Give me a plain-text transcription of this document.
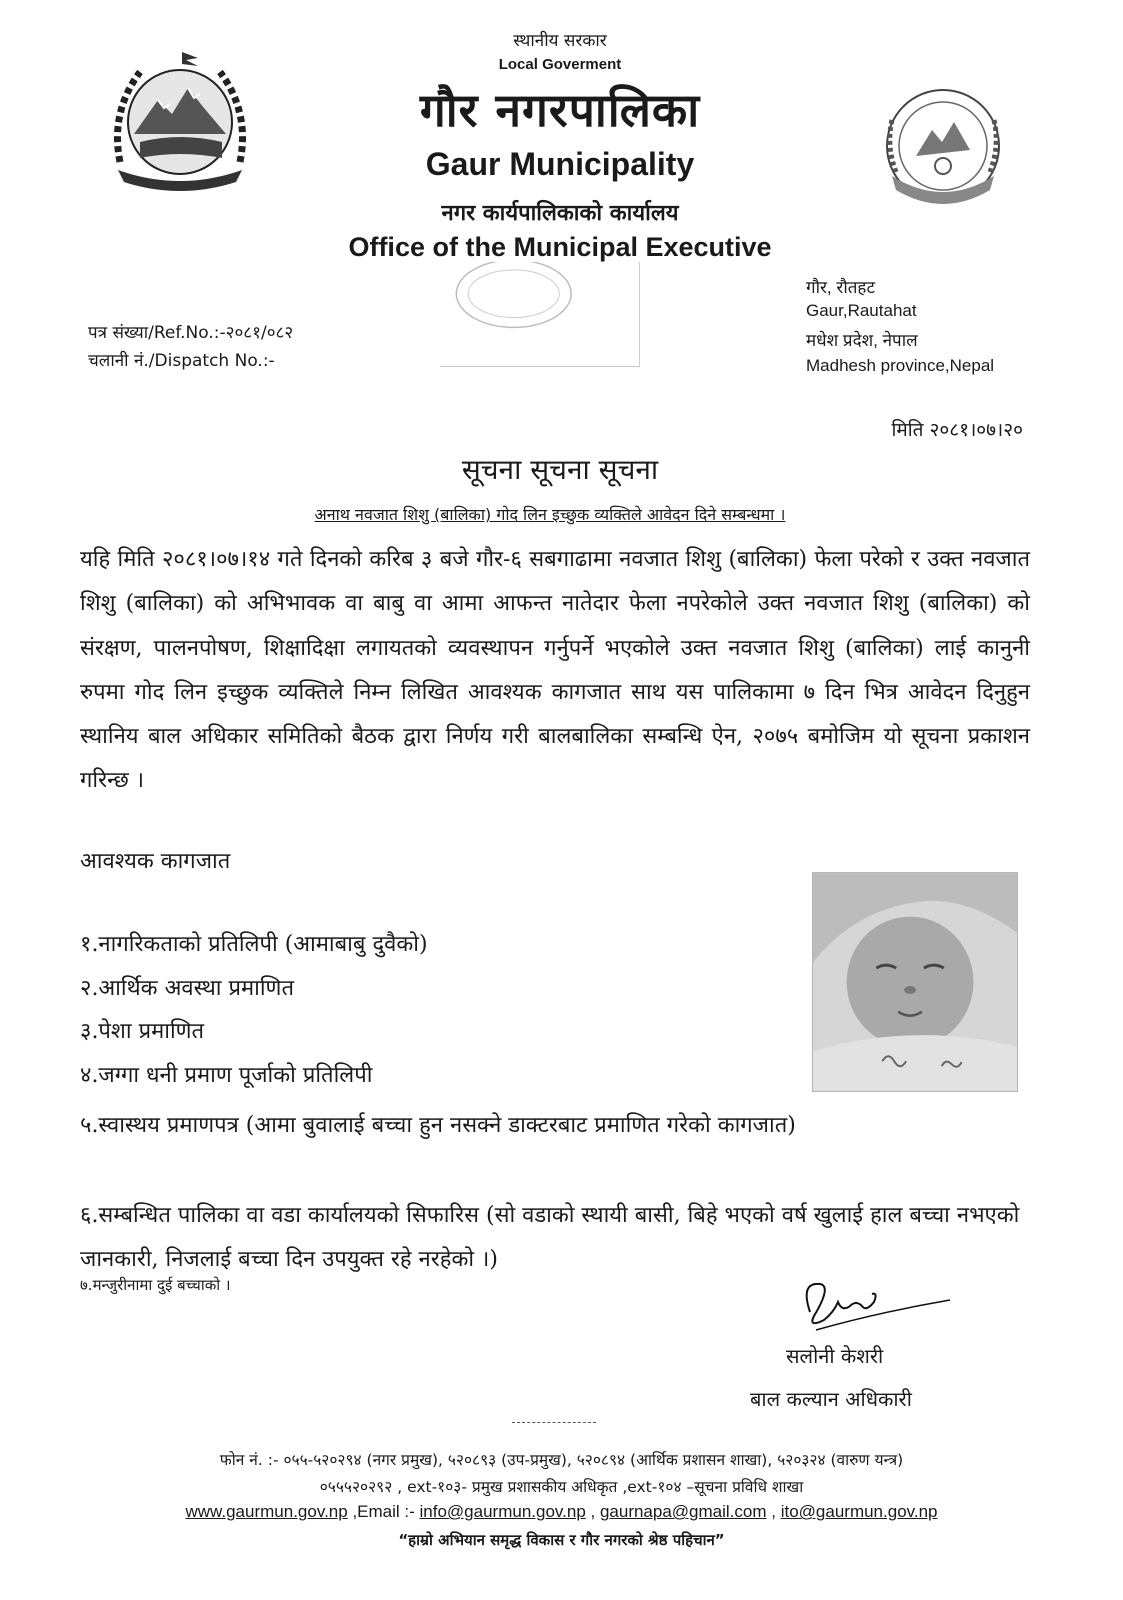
स्थानीय सरकार
Local Goverment
गौर नगरपालिका
Gaur Municipality
नगर कार्यपालिकाको कार्यालय
Office of the Municipal Executive
पत्र संख्या/Ref.No.:-२०८१/०८२
चलानी नं./Dispatch No.:-
गौर, रौतहट
Gaur,Rautahat
मधेश प्रदेश, नेपाल
Madhesh province,Nepal
मिति २०८१।०७।२०
सूचना सूचना सूचना
अनाथ नवजात शिशु (बालिका) गोद लिन इच्छुक व्यक्तिले आवेदन दिने सम्बन्धमा ।
यहि मिति २०८१।०७।१४ गते दिनको करिब ३ बजे गौर-६ सबगाढामा नवजात शिशु (बालिका) फेला परेको र उक्त नवजात शिशु (बालिका) को अभिभावक वा बाबु वा आमा आफन्त नातेदार फेला नपरेकोले उक्त नवजात शिशु (बालिका) को संरक्षण, पालनपोषण, शिक्षादिक्षा लगायतको व्यवस्थापन गर्नुपर्ने भएकोले उक्त नवजात शिशु (बालिका) लाई कानुनी रुपमा गोद लिन इच्छुक व्यक्तिले निम्न लिखित आवश्यक कागजात साथ यस पालिकामा ७ दिन भित्र आवेदन दिनुहुन स्थानिय बाल अधिकार समितिको बैठक द्वारा निर्णय गरी बालबालिका सम्बन्धि ऐन, २०७५ बमोजिम यो सूचना प्रकाशन गरिन्छ ।
आवश्यक कागजात
१.नागरिकताको प्रतिलिपी (आमाबाबु दुवैको)
२.आर्थिक अवस्था प्रमाणित
३.पेशा प्रमाणित
४.जग्गा धनी प्रमाण पूर्जाको प्रतिलिपी
५.स्वास्थय प्रमाणपत्र (आमा बुवालाई बच्चा हुन नसक्ने डाक्टरबाट प्रमाणित गरेको कागजात)
६.सम्बन्धित पालिका वा वडा कार्यालयको सिफारिस (सो वडाको स्थायी बासी, बिहे भएको वर्ष खुलाई हाल बच्चा नभएको जानकारी, निजलाई बच्चा दिन उपयुक्त रहे नरहेको ।)
७.मन्जुरीनामा दुई बच्चाको ।
सलोनी केशरी
बाल कल्यान अधिकारी
फोन नं. :- ०५५-५२०२९४ (नगर प्रमुख), ५२०८९३ (उप-प्रमुख), ५२०८९४ (आर्थिक प्रशासन शाखा), ५२०३२४ (वारुण यन्त्र)
०५५५२०२९२ , ext-१०३- प्रमुख प्रशासकीय अधिकृत ,ext-१०४ –सूचना प्रविधि शाखा
www.gaurmun.gov.np ,Email :- info@gaurmun.gov.np , gaurnapa@gmail.com , ito@gaurmun.gov.np
“हाम्रो अभियान समृद्ध विकास र गौर नगरको श्रेष्ठ पहिचान”
